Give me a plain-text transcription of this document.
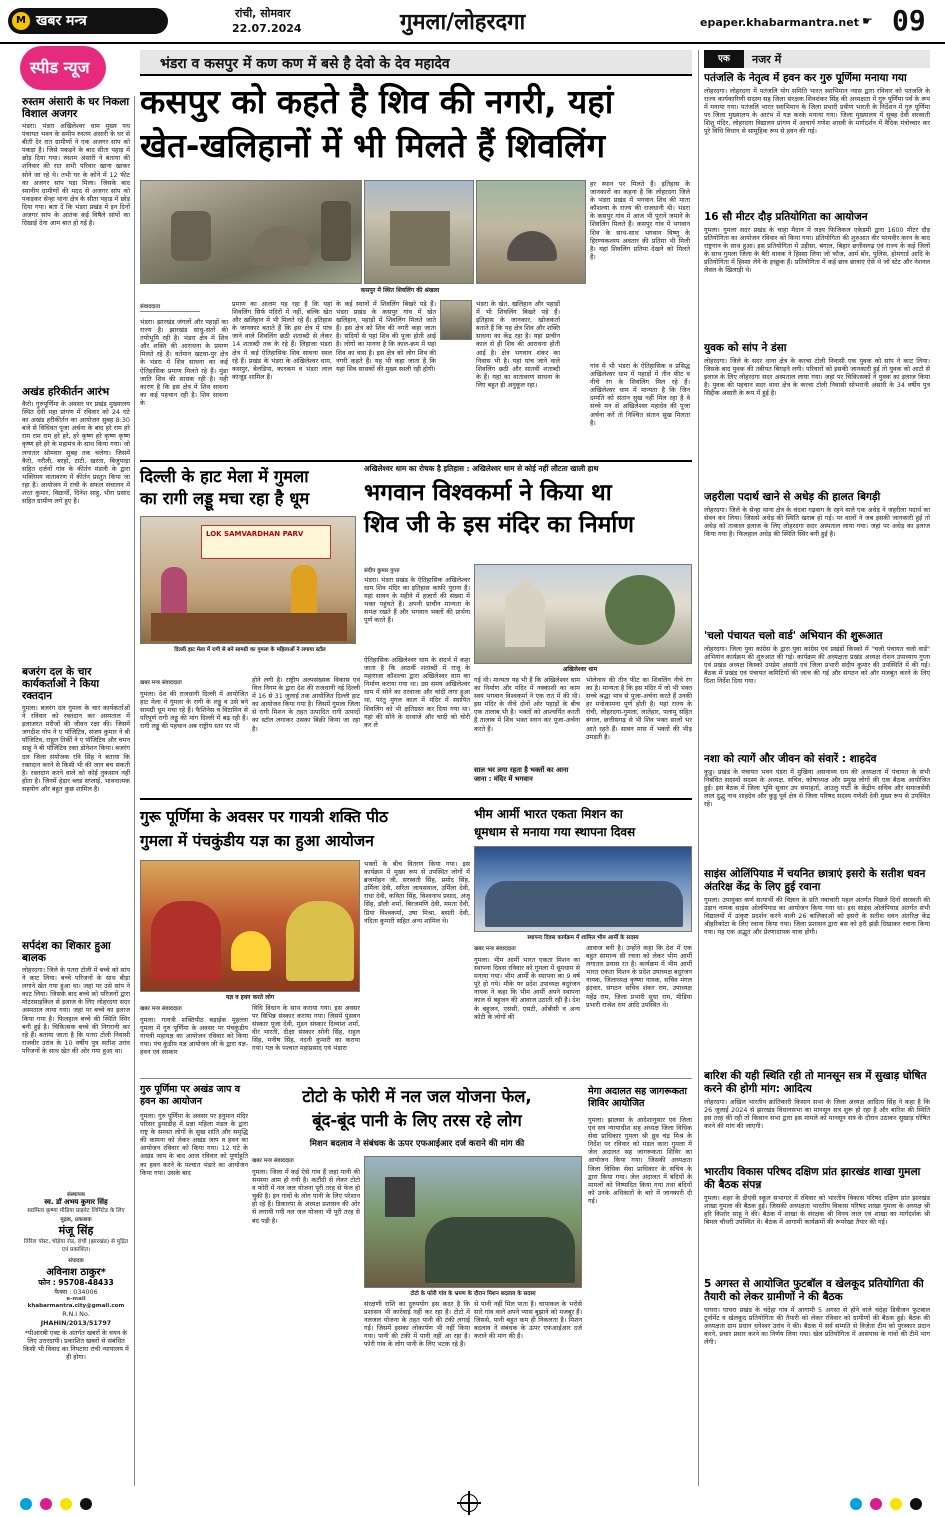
M खबर मन्त्र	रांची, सोमवार
22.07.2024	गुमला/लोहरदगा	epaper.khabarmantra.net ☛ 09
स्पीड न्यूज
रुस्तम अंसारी के घर निकला विशाल अजगर
भंडरा। भंडरा अखिलेश्वर धाम मुख्य पथ पंचायत भवन के समीप रुस्तम अंसारी के घर से बीती देर रात ग्रामीणों ने एक अजगर सांप को पकड़ा है। जिसे पकड़ने के बाद सीता पहाड़ में छोड़ दिया गया। रुस्तम अंसारी ने बताया की शनिवार की रात सभी परिवार खाना खाकर सोने जा रहे थे। तभी घर के कोने में 12 फीट का अजगर सांप पड़ा मिला। जिसके बाद स्थानीय ग्रामीणों की मदद से अजगर सांप को पकड़कर सेन्हा थाना क्षेत्र के सीता पहाड़ में छोड़ दिया गया। बता दें कि भंडरा प्रखंड में इन दिनों अजगर सांप के आतंक कई विषैले सांपों का दिखाई देना आम बात हो गई है।
अखंड हरिकीर्तन आरंभ
कैरो। गुरुपूर्णिमा के अवसर पर प्रखंड मुख्यालय स्थित देवी महा प्रांगण में रविवार को 24 घंटे का अखंड हरीकीर्तन का आयोजन सुबह 8:30 बजे से विधिवत पूजा अर्चना के बाद हरे राम हरे राम राम राम हरे हरे, हरे कृष्ण हरे कृष्ण कृष्ण कृष्ण हरे हरे के महामंत्र के साथ किया गया। जो लगातार सोमवार सुबह तक चलेगा। जिसमें कैरो, नरौली, बरहो, टाटी, खरता, बिजुपाड़ा सहित दर्जनों गांव के कीर्तन मंडली के द्वारा भक्तिमय वातावरण में कीर्तन प्रस्तुत किया जा रहा है। आयोजन में रांची के सफल संचालन में शरत कुमार, विद्यार्थी, दिनेश साहु, भीरा प्रसाद सहित ग्रामीण लगे हुए हैं।
बजरंग दल के चार कार्यकर्ताओं ने किया रक्तदान
गुमला। बजरंग दल गुमला के चार कार्यकर्ताओं ने रविवार को रक्तदान कर अस्पताल में इलाजरत मरीजों की जीवन रक्षा की। जिसमें जगदीश गोप ने ए पॉजिटिव, संजय कुमार ने बी पॉजिटिव, राहुल तिर्की ने ए पॉजिटिव और चमन साहू ने बी पॉजिटिव रक्त डोनेशन किया। बजरंग दल जिला संयोजक रवि सिंह ने बताया कि रक्तदान करने से किसी भी की जान बच सकती है। रक्तदान करने वाले को कोई नुकसान नहीं होता है। जिनमें हेड़ार ब्लड सप्लाई, भावनात्मक सहयोग और बहुत कुछ शामिल है।
सर्पदंश का शिकार हुआ बालक
लोहरदगा। जिले के पतरा टोली में बच्चे को सांप ने काट लिया। बच्चे परिजनों के साथ बीड़ा लगाने खेत गया हुआ था। जहां पर उसे सांप ने काट लिया। जिसके बाद बच्चे को परिजनों द्वारा मोटरसाइकिल से इलाज के लिए लोहरदगा सदर अस्पताल लाया गया। जहां पर बच्चे का इलाज किया गया है। फिलहाल बच्चे की स्थिति स्थिर बनी हुई है। चिकित्सक बच्चे की निगरानी कर रहे हैं। बताया जाता है कि पतरा टोली निवासी राजवीर उरांव के 10 वर्षीय पुत्र सतीश उरांव परिजनों के साथ खेत की ओर गया हुआ था।
संस्थापक
स्व. डॉ अभय कुमार सिंह
स्वामित्व कृष्णा मीडिया प्राइवेट लिमिटेड के लिए
मुद्रक, प्रकाशक
मंजू सिंह
तिरिल पोस्ट, चोड़ेया रोड, रांची (झारखंड) से मुद्रित एवं प्रकाशित।
संपादक
अविनाश ठाकुर*
फोन : 95708-48433
फैक्स : 034006
e-mail
khabarmantra.city@gmail.com
R.N.I No.
JHAHIN/2013/51797
*पीआरबी एक्ट के अंतर्गत खबरों के चयन के लिए उत्तरदायी। प्रकाशित खबरों से संबंधित किसी भी विवाद का निपटारा रांची न्यायालय में ही होगा।
भंडरा व कसपुर में कण कण में बसे है देवो के देव महादेव
कसपुर को कहते है शिव की नगरी, यहां
खेत-खलिहानों में भी मिलते हैं शिवलिंग
कसपुर में स्थित शिवलिंग की श्रंखला
संवाददाता
भंडरा। झारखंड जंगलों और पहाड़ों का राज्य है। झारखंड साधु-संतों की तपोभूमि रही है। भंडरा क्षेत्र में शिव और शक्ति की आराधना के प्रमाण मिलते रहे हैं। वर्तमान खटवा-पुर क्षेत्र के भंडरा में शिव साधना का कई ऐतिहासिक प्रमाण मिलते रहे हैं। मुंडा जाति शिव की साधक रही है। यही कारण है कि इस क्षेत्र में शिव साधना का कई पहचान रही है। शिव साधना के
प्रमाण का आलम यह रहा है कि यहां शिवलिंग सिर्फ मंदिरों में नहीं, बल्कि खेत और खलिहान में भी मिलते रहे हैं। इतिहास के जानकार बताते हैं कि इस क्षेत्र में पांच जाने वाले शिवलिंग छठी शताब्दी से लेकर 14 शताब्दी तक के रहे हैं। लिहाजा भंडरा क्षेत्र में कई ऐतिहासिक शिव साधना स्थल रहे हैं। प्रखंड के भंडरा के अखिलेश्वर धाम, कसपुर, बेलडिपा, कारकम व भंडरा लाल काजूड़ शामिल हैं।
के कई स्थानों में शिवलिंग बिखरे पड़े हैं। भंडरा प्रखंड के कसपुर गांव में खेत खलिहान, पहाड़ों में शिवलिंग मिलते जाते हैं। इस क्षेत्र को शिव की नगरी कहा जाता है। सदियों से यहां शिव की पूजा होती आई है। लोगों का मानना है कि काल-क्रम में यहां शिव का वास है। इस क्षेत्र को लोग शिव की नगरी कहते हैं। यह भी कहा जाता है कि यहां शिव साधकों की मुख्य स्थली रही होगी।
भंडरा के खेत, खलिहान और पहाड़ों में भी शिवलिंग बिखरे पड़े हैं। इतिहास के जानकार, खोजकर्ता बताते हैं कि यह क्षेत्र शिव और शक्ति साधना का केंद्र रहा है। यहां प्राचीन काल से ही शिव की आराधना होती आई है। क्षेत्र भगवान शंकर का निवास भी है। यहां पांच जाने वाले शिवलिंग छठी और सातवीं शताब्दी के हैं। यहां का वातावरण साधना के लिए बहुत ही अनुकूल रहा।
हर स्थान पर मिलते हैं। इतिहास के जानकारों का कहना है कि लोहरदगा जिले के भंडरा प्रखंड में भगवान शिव की माता कौशल्या के राज्य की राजधानी थी। भंडरा के कसपुर गांव में आज भी पुराने जमाने के शिवलिंग मिलते हैं। कसपुर गांव में भगवान शिव के साथ-साथ भगवान विष्णु के हिरण्यकश्यप अवतार की प्रतिमा भी मिली है। यहां शिवलिंग प्रतिमा देखने को मिलते हैं।
गांव में भी भंडरा के ऐतिहासिक व प्रसिद्ध अखिलेश्वर धाम में पहाड़ों में तीन फीट व नीचे रंग के शिवलिंग मिल रहे हैं। अखिलेश्वर धाम में मान्यता है कि जिन दम्पति को संतान सुख नहीं मिल रहा है वे सच्चे मन से अखिलेश्वर महादेव की पूजा अर्चना करें तो निश्चित संतान सुख मिलता है।
दिल्ली के हाट मेला में गुमला
का रागी लड्डू मचा रहा है धूम
LOK SAMVARDHAN PARV
दिल्ली हाट मेला में रागी से बने सामग्री का गुमला के महिलाओं ने लगाया स्टॉल
खबर मन्त्र संवाददाता
गुमला। देश की राजधानी दिल्ली में आयोजित हाट मेला में गुमला के रागी के लड्डू व उसे बने सामग्री धूम मचा रहे हैं। फैशिनेस व विटामिन से परिपूर्ण रागी लड्डू की मांग दिल्ली में बढ़ रही है। रागी लड्डू की पहचान अब राष्ट्रीय स्तर पर भी
होने लगी है। राष्ट्रीय अल्पसंख्यक विकास एवं वित्त निगम के द्वारा देश की राजधानी नई दिल्ली में 16 से 31 जुलाई तक आयोजित दिल्ली हाट का आयोजन किया गया है। जिसमें गुमला जिला से रागी मिशन के तहत उत्पादित रागी उत्पादों का स्टॉल लगाकर उसका बिक्री किया जा रहा है।
अखिलेश्वर धाम का रोचक है इतिहास : अखिलेश्वर धाम से कोई नहीं लौटता खाली हाथ
भगवान विश्वकर्मा ने किया था
शिव जी के इस मंदिर का निर्माण
संदीप कुमार गुप्ता
भंडरा। भंडरा प्रखंड के ऐतिहासिक अखिलेश्वर धाम शिव मंदिर का इतिहास काफी पुराना है। यहां सावन के महीने में हजारों की संख्या में भक्त पहुंचते हैं। अपनी प्राचीन मान्यता के समक्ष रखते हैं और भगवान भक्तों की प्रार्थना पूर्ण करते हैं।
अखिलेश्वर धाम
ऐतिहासिक अखिलेश्वर धाम के संदर्भ में कहा जाता है कि आठवीं शताब्दी में राजू के महाराजा कौशल्या द्वारा अखिलेश्वर धाम का निर्माण कराया गया था। उस समय अखिलेश्वर धाम में सोने का दरवाजा और चांदी लगा हुआ था, परंतु मुगल काल में मंदिर में स्थापित शिवलिंग को भी क्षतिग्रस्त कर दिया गया था। यहां की सोने के दरवाजे और चांदी को चोरी कर ले
गई थी। मान्यता यह भी है कि अखिलेश्वर धाम का निर्माण और मंदिर में नक्काशी का काम स्वयं भगवान विश्वकर्मा ने एक रात में की थी। इस मंदिर के नीचे दोनों ओर पहाड़ों के बीच एक तालाब भी है। भक्तों को आश्चर्यित करती है तालाब में शिव भक्त स्नान कर पूजा-अर्चना करते हैं।
साल भर लगा रहता है भक्तों का आना जाना : मंदिर में भगवान
भोलेनाथ की तीन फीट का शिवलिंग नीचे रंग का है। मान्यता है कि इस मंदिर में जो भी भक्त सच्चे श्रद्धा भाव से पूजा-अर्चना करते हैं उनकी हर मनोकामना पूर्ण होती है। यहां राज्य के रांची, लोहरदगा-गुमला, लातेहार, पलामू सहित बंगाल, छत्तीसगढ़ से भी शिव भक्त सालों भर आते रहते हैं। सावन मास में भक्तों की भीड़ उमड़ती है।
गुरू पूर्णिमा के अवसर पर गायत्री शक्ति पीठ
गुमला में पंचकुंडीय यज्ञ का हुआ आयोजन
यज्ञ व हवन करते लोग
खबर मन्त्र संवाददाता
गुमला। गायत्री शक्तिपीठ बड़ाईक मुहल्ला गुमला में गुरु पूर्णिमा के अवसर पर पंचकुंडीय गायत्री महायज्ञ का आयोजन रविवार को किया गया। पंच कुंडीय यज्ञ आयोजन जी के द्वारा यज्ञ-हवन एवं संस्कार
विधि विधान के साथ कराया गया। इस अवसर पर विभिन्न संस्कार कराया गया। जिसमें पुंसवन संस्कार पूजा देवी, मुंडन संस्कार दिव्यांश शर्मा, वीर भारती, दीक्षा संस्कार सोनी सिंह, राहुल सिंह, मनीष सिंह, नंदनी कुमारी का कराया गया। यज्ञ के पश्चात महाप्रसाद एवं भंडारा
भक्तों के बीच वितरण किया गया। इस कार्यक्रम में मुख्य रूप से उपस्थित लोगों में ब्रजमोहन जी, सरस्वती सिंह, प्रमोद सिंह, उर्मिला देवी, सरिता जायसवाल, उर्मिला देवी, राधा देवी, कविता सिंह, विश्वनाथ प्रसाद, अंजू सिंह, डॉली शर्मा, बिरजमणि देवी, ममता देवी, प्रिया विश्वकर्मा, उषा मिश्रा, बसंती देवी, नंदिता कुमारी सहित अन्य शामिल थे।
भीम आर्मी भारत एकता मिशन का
धूमधाम से मनाया गया स्थापना दिवस
स्थापना दिवस कार्यक्रम में शामिल भीम आर्मी के सदस्य
खबर मन्त्र संवाददाता
गुमला। भीम आर्मी भारत एकता मिशन का स्थापना दिवस रविवार को गुमला में धूमधाम से मनाया गया। भीम आर्मी के स्थापना का 9 वर्ष पूरे हो गये। मौके पर प्रदेश उपाध्यक्ष बदुरंजन नायक ने कहा कि भीम आर्मी अपने स्थापना काल से बहुजन की आवाज उठाती रही है। देश के बहुजन, एससी, एसटी, ओबीसी व अन्य कोटी के लोगों की
आवाज बनी है। उन्होंने कहा कि देश में एक बहुत सामान्य सी रचना को लेकर भीम आर्मी लगातार प्रयास रत है। कार्यक्रम में भीम आर्मी भारत एकता मिशन के प्रदेश उपाध्यक्ष बदुरंजन नायक, जिलाध्यक्ष कृष्णा नायक, सचिव मंगल इंदवार, संगठन सचिव शंकर राम, उपाध्यक्ष महेंद्र राम, जिला प्रभारी सुधा राम, मीडिया प्रभारी राजेश राम आदि उपस्थित थे।
गुरु पूर्णिमा पर अखंड जाप व हवन का आयोजन
गुमला। गुरु पूर्णिमा के अवसर पर हनुमान मंदिर परिसर डुमरडीह में प्रज्ञा महिला मंडल के द्वारा राष्ट्र के समस्त लोगों के सुख शांति और समृद्धि की कामना को लेकर अखंड जाप व हवन का आयोजन रविवार को किया गया। 12 घंटे के अखंड जाप के बाद आज रविवार को पूर्णाहुति का हवन करने के पश्चात भंडारे का आयोजन किया गया। उसके बाद
टोटो के फोरी में नल जल योजना फेल,
बूंद-बूंद पानी के लिए तरस रहे लोग
मिशन बदलाव ने संबंधक के ऊपर एफआईआर दर्ज कराने की मांग की
खबर मन्त्र संवाददाता
गुमला। जिला में कई ऐसे गांव हैं जहां पानी की समस्या आम हो गयी है। कटौंदी से लेकर टोटो व फोरी में नल जल योजना पूरी तरह से फेल हो चुकी है। इन गांवों के लोग पानी के लिए परेशान हो रहे हैं। डिकारपा के अध्यक्ष प्रशासन की ओर से लगायी गयी नल जल योजना भी पूरी तरह से बंद पड़ी है।
टोटो के फोरी गांव के भ्रमण के दौरान मिशन बदलाव के सदस्य
संरक्षणी राशि का दुरुपयोग इस कदर है कि प्रशासन भी कार्रवाई नहीं कर रहा है। टोटो में नलजल योजना के तहत पानी की टंकी लगाई गई। जिसमें इसका लोकार्पण भी नहीं किया गया। पानी की टंकी में पानी नहीं आ रहा है। फोरी गांव के लोग पानी के लिए भटक रहे हैं।
से पानी नहीं मिल पाता है। चापाकल के भरोसे सारे गांव वाले अपने प्यास बुझाने को मजबूर हैं। जिससे, पानी बहुत कम ही निकलता है। मिशन बदलाव ने संबंधक के ऊपर एफआईआर दर्ज कराने की मांग की है।
मेगा अदालत सह जागरूकता शिविर आयोजित
गुमला। झालसा के आदेशानुसार एवं जिला एवं सत्र न्यायाधीश सह अध्यक्ष जिला विधिक सेवा प्राधिकार गुमला श्री ध्रुव चंद्र मिश्र के निर्देश पर रविवार को मंडल कारा गुमला में जेल अदालत सह जागरूकता शिविर का आयोजन किया गया। जिसकी अध्यक्षता जिला विधिक सेवा प्राधिकार के सचिव के द्वारा किया गया। जेल अदालत में बंदियों के मामलों को निष्पादित किया गया तथा बंदियों को उनके अधिकारों के बारे में जानकारी दी गई।
एक	नजर में
पतंजलि के नेतृत्व में हवन कर गुरु पूर्णिमा मनाया गया
लोहरदगा। लोहरदगा में पतंजलि योग समिति भारत स्वाभिमान न्यास द्वारा रविवार को पतंजलि के राज्य कार्यकारिणी सदस्य सह जिला संरक्षक शिवशंकर सिंह की अध्यक्षता में गुरु पूर्णिमा पर्व के रूप में मनाया गया। पतंजलि भारत स्वाभिमान के जिला प्रभारी प्रवीण भारती के निर्देशन में गुरु पूर्णिमा पर जिला मुख्यालय के आरंभ में यज्ञ करके मनाया गया। जिला मुख्यालय में सुबह देवी सरस्वती शिशु मंदिर, लोहरदगा विद्यालय प्रांगण में आचार्य गणेश शास्त्री के मार्गदर्शन में वैदिक मंत्रोच्चार कर पूरे विधि विधान से सामूहिक रूप से हवन की गई।
16 सौ मीटर दौड़ प्रतियोगिता का आयोजन
गुमला। गुमला सदर प्रखंड के चाहा मैदान में लक्ष्य फिजिकल एकेडमी द्वारा 1600 मीटर दौड़ प्रतियोगिता का आयोजन रविवार को किया गया। प्रतियोगिता की शुरुआत वीर परमवीर करन के बाद राष्ट्रगान के साथ हुआ। इस प्रतियोगिता में उड़ीसा, बंगाल, बिहार छत्तीसगढ़ एवं राज्य के कई जिलों के साथ गुमला जिला के बैरी धावक ने हिस्सा लिया जो फौज, आर्म बोर, पुलिस, होमगार्ड आदि के प्रतियोगिता में हिस्सा लेने के इच्छुक हैं। प्रतियोगिता में कई छात्र छात्राएं ऐसे थे जो स्टेट और नेशनल लेवल के खिलाड़ी थे।
युवक को सांप ने डंसा
लोहरदगा। जिले के सदर थाना क्षेत्र के करचा टोली निवासी एक युवक को सांप ने काट लिया। जिसके बाद युवक की तबीयत बिगड़ने लगी। परिवारों को इसकी जानकारी हुई तो युवक को आटो से इलाज के लिए लोहरदगा सदर अस्पताल लाया गया। जहां पर चिकित्सकों ने युवक का इलाज किया है। युवक की पहचान सदर थाना क्षेत्र के करचा टोली निवासी सोभरानी अंसारी के 34 वर्षीय पुत्र सिद्दीक अंसारी के रूप में हुई है।
जहरीला पदार्थ खाने से अधेड़ की हालत बिगड़ी
लोहरदगा। जिले के सेन्हा थाना क्षेत्र के चंदवा गढ़वाग के रहने वाले एक अधेड़ ने जहरीला पदार्थ का सेवन कर लिया। जिससे अधेड़ की स्थिति खराब हो गई। पर वालों ने जब इसकी जानकारी हुई तो अधेड़ को तत्काल इलाज के लिए लोहरदगा सदर अस्पताल लाया गया। जहां पर अधेड़ का इलाज किया गया है। फिलहाल अधेड़ की स्थिति स्थिर बनी हुई है।
'चलो पंचायत चलो वार्ड' अभियान की शुरूआत
लोहरदगा। जिला युवा कांग्रेस के द्वारा युवा कांग्रेस एवं प्रखंडों किस्को में "चलो पंचायत चलो वार्ड" अभियान कार्यक्रम की शुरुआत की गई। कार्यक्रम की अध्यक्षता प्रखंड अध्यक्ष रोशन उपाध्याय गुप्ता एवं प्रखंड अध्यक्ष किस्को उपप्रेम अंसारी एवं जिला प्रभारी संदीप कुमार की उपस्थिति में की गई। बैठक में प्रखंड एवं पंचायत कमिटियों की जांच की गई और संगठन को और मजबूत करने के लिए दिशा निर्देश दिया गया।
नशा को त्यागें और जीवन को संवारें : शाहदेव
कुडु। प्रखंड के पंचायत भवन पंडरा में मुखिया असनाथ्य राम की अध्यक्षता में पंचायत के सभी निबंधित सदस्यों सदस्य के अध्यक्ष, सचिव, कोषाध्यक्ष और प्रमुख लोगों की एक बैठक आयोजित हुई। इस बैठक में जिला भूमि सुधार उप समाहर्ता, आउलु पार्टी के केंद्रीय सचिव और समाजसेवी लाल दुद्धु नाथ शाहदेव और कुडु पूर्व क्षेत्र से जिला परिषद सदस्य गणेशी देवी मुख्य रूप से उपस्थित रहे।
साइंस ओलिंपियाड में चयनित छात्राएं इसरो के सतीश धवन अंतरिक्ष केंद्र के लिए हुई रवाना
गुमला। उपायुक्त कर्ण सत्यार्थी की विज्ञान के प्रति नवाचारी पहल अंतर्गत पिछले दिनों सरस्वती की उड़ान नामक साइंस ओलंपियाड का आयोजन किया गया था। इस साइंस ओलंपियाड अंतर्गत सभी विद्यालयों में उत्कृष्ट प्रदर्शन करने वाली 26 बालिकाओं को इसरो के सतीश धवन अंतरिक्ष केंद्र श्रीहरिकोटा के लिए रवाना किया गया। जिला प्रशासन द्वारा बस को हरी झंडी दिखाकर रवाना किया गया। यह एक अद्भुत और प्रेरणादायक यात्रा होगी।
बारिश की यही स्थिति रही तो मानसून सत्र में सुखाड़ घोषित करने की होगी मांग: आदित्य
लोहरदगा। अखिल भारतीय क्रांतिकारी किसान सभा के जिला अध्यक्ष आदित्य सिंह ने कहा है कि 26 जुलाई 2024 से झारखंड विधानसभा का मानसून सत्र शुरू हो रहा है और बारिश की स्थिति इस तरह की रही तो किसान सभा द्वारा इस मामले को मानसून सत्र के दौरान उठाकर सुखाड़ घोषित करने की मांग की जाएगी।
भारतीय विकास परिषद दक्षिण प्रांत झारखंड शाखा गुमला की बैठक संपन्न
गुमला। शहर के डीएवी स्कूल सभागार में रविवार को भारतीय विकास परिषद दक्षिण प्रांत झारखंड शाखा गुमला की बैठक हुई। जिसकी अध्यक्षता भारतीय विकास परिषद शाखा गुमला के अध्यक्ष श्री हरि किशोर साहू ने की। बैठक में शाखा के संरक्षक श्री विनय लाल एवं शाखा का मार्गदर्शक श्री बिमल चौधरी उपस्थित थे। बैठक में आगामी कार्यक्रमों की रूपरेखा तैयार की गई।
5 अगस्त से आयोजित फुटबॉल व खेलकूद प्रतियोगिता की तैयारी को लेकर ग्रामीणों ने की बैठक
घाघरा। घाघरा प्रखंड के चंदेहा गांव में आगामी 5 अगस्त से होने वाले चंदेहा डिवीजन फुटबाल टूर्नामेंट व खेलकूद प्रतियोगिता की तैयारी को लेकर रविवार को ग्रामीणों की बैठक हुई। बैठक की अध्यक्षता ग्राम प्रधान धनेश्वर उरांव ने की। बैठक में सर्व सम्मति से विजेता टीम को पुरस्कार प्रदान करने, प्रचार प्रसार करने का निर्णय लिया गया। खेल प्रतियोगिता में आसपास के गांवों की टीमें भाग लेंगी।
